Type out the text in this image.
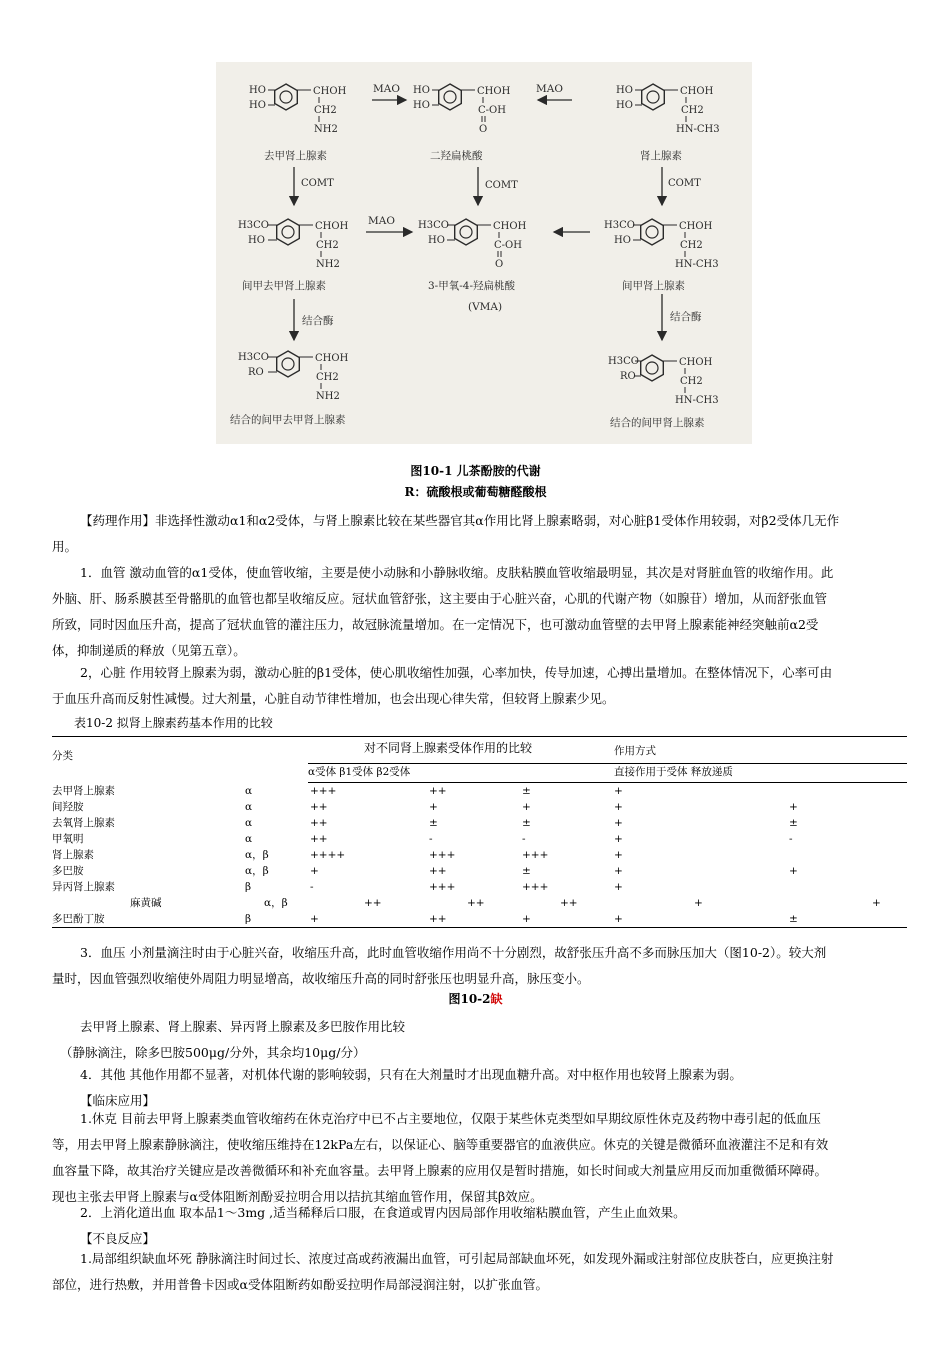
HO
HO
CHOH
CH2
NH2
去甲肾上腺素
MAO HO
HO
CHOH
C-OH
O
二羟扁桃酸
MAO	HO
HO
CHOH
CH2
HN-CH3
肾上腺素
COMT	COMT	COMT
H3CO
HO
CHOH
CH2
NH2
间甲去甲肾上腺素
MAO H3CO
HO
CHOH
C-OH
O
3-甲氧-4-羟扁桃酸
(VMA)
H3CO
HO
CHOH
CH2
HN-CH3
间甲肾上腺素
结合酶	结合酶
H3CO
RO
CHOH
CH2
NH2
结合的间甲去甲肾上腺素
H3CO
RO
CHOH
CH2
HN-CH3
结合的间甲肾上腺素
图10-1 儿茶酚胺的代谢
R：硫酸根或葡萄糖醛酸根
【药理作用】非选择性激动α1和α2受体，与肾上腺素比较在某些器官其α作用比肾上腺素略弱，对心脏β1受体作用较弱，对β2受体几无作
用。
1．血管 激动血管的α1受体，使血管收缩，主要是使小动脉和小静脉收缩。皮肤粘膜血管收缩最明显，其次是对肾脏血管的收缩作用。此
外脑、肝、肠系膜甚至骨骼肌的血管也都呈收缩反应。冠状血管舒张，这主要由于心脏兴奋，心肌的代谢产物（如腺苷）增加，从而舒张血管
所致，同时因血压升高，提高了冠状血管的灌注压力，故冠脉流量增加。在一定情况下，也可激动血管壁的去甲肾上腺素能神经突触前α2受
体，抑制递质的释放（见第五章）。
2，心脏 作用较肾上腺素为弱，激动心脏的β1受体，使心肌收缩性加强，心率加快，传导加速，心搏出量增加。在整体情况下，心率可由
于血压升高而反射性减慢。过大剂量，心脏自动节律性增加，也会出现心律失常，但较肾上腺素少见。
表10-2 拟肾上腺素药基本作用的比较
分类
对不同肾上腺素受体作用的比较	作用方式
α受体 β1受体 β2受体	直接作用于受体 释放递质
去甲肾上腺素	α	+++	++	±	+
间羟胺	α	++	+	+	+	+
去氧肾上腺素	α	++	±	±	+	±
甲氧明	α	++	-	-	+	-
肾上腺素	α，β	++++	+++	+++	+
多巴胺	α，β	+	++	±	+	+
异丙肾上腺素	β	-	+++	+++	+
麻黄碱	α，β	++	++	++	+	+
多巴酚丁胺	β	+	++	+	+	±
3．血压 小剂量滴注时由于心脏兴奋，收缩压升高，此时血管收缩作用尚不十分剧烈，故舒张压升高不多而脉压加大（图10-2）。较大剂
量时，因血管强烈收缩使外周阻力明显增高，故收缩压升高的同时舒张压也明显升高，脉压变小。
图10-2缺
去甲肾上腺素、肾上腺素、异丙肾上腺素及多巴胺作用比较
（静脉滴注，除多巴胺500μg/分外，其余均10μg/分）
4．其他 其他作用都不显著，对机体代谢的影响较弱，只有在大剂量时才出现血糖升高。对中枢作用也较肾上腺素为弱。
【临床应用】
1.休克 目前去甲肾上腺素类血管收缩药在休克治疗中已不占主要地位，仅限于某些休克类型如早期纹原性休克及药物中毒引起的低血压
等，用去甲肾上腺素静脉滴注，使收缩压维持在12kPa左右，以保证心、脑等重要器官的血液供应。休克的关键是微循环血液灌注不足和有效
血容量下降，故其治疗关键应是改善微循环和补充血容量。去甲肾上腺素的应用仅是暂时措施，如长时间或大剂量应用反而加重微循环障碍。
现也主张去甲肾上腺素与α受体阻断剂酚妥拉明合用以拮抗其缩血管作用，保留其β效应。
2．上消化道出血 取本品1～3mg ,适当稀释后口服，在食道或胃内因局部作用收缩粘膜血管，产生止血效果。
【不良反应】
1.局部组织缺血坏死 静脉滴注时间过长、浓度过高或药液漏出血管，可引起局部缺血坏死，如发现外漏或注射部位皮肤苍白，应更换注射
部位，进行热敷，并用普鲁卡因或α受体阻断药如酚妥拉明作局部浸润注射，以扩张血管。
